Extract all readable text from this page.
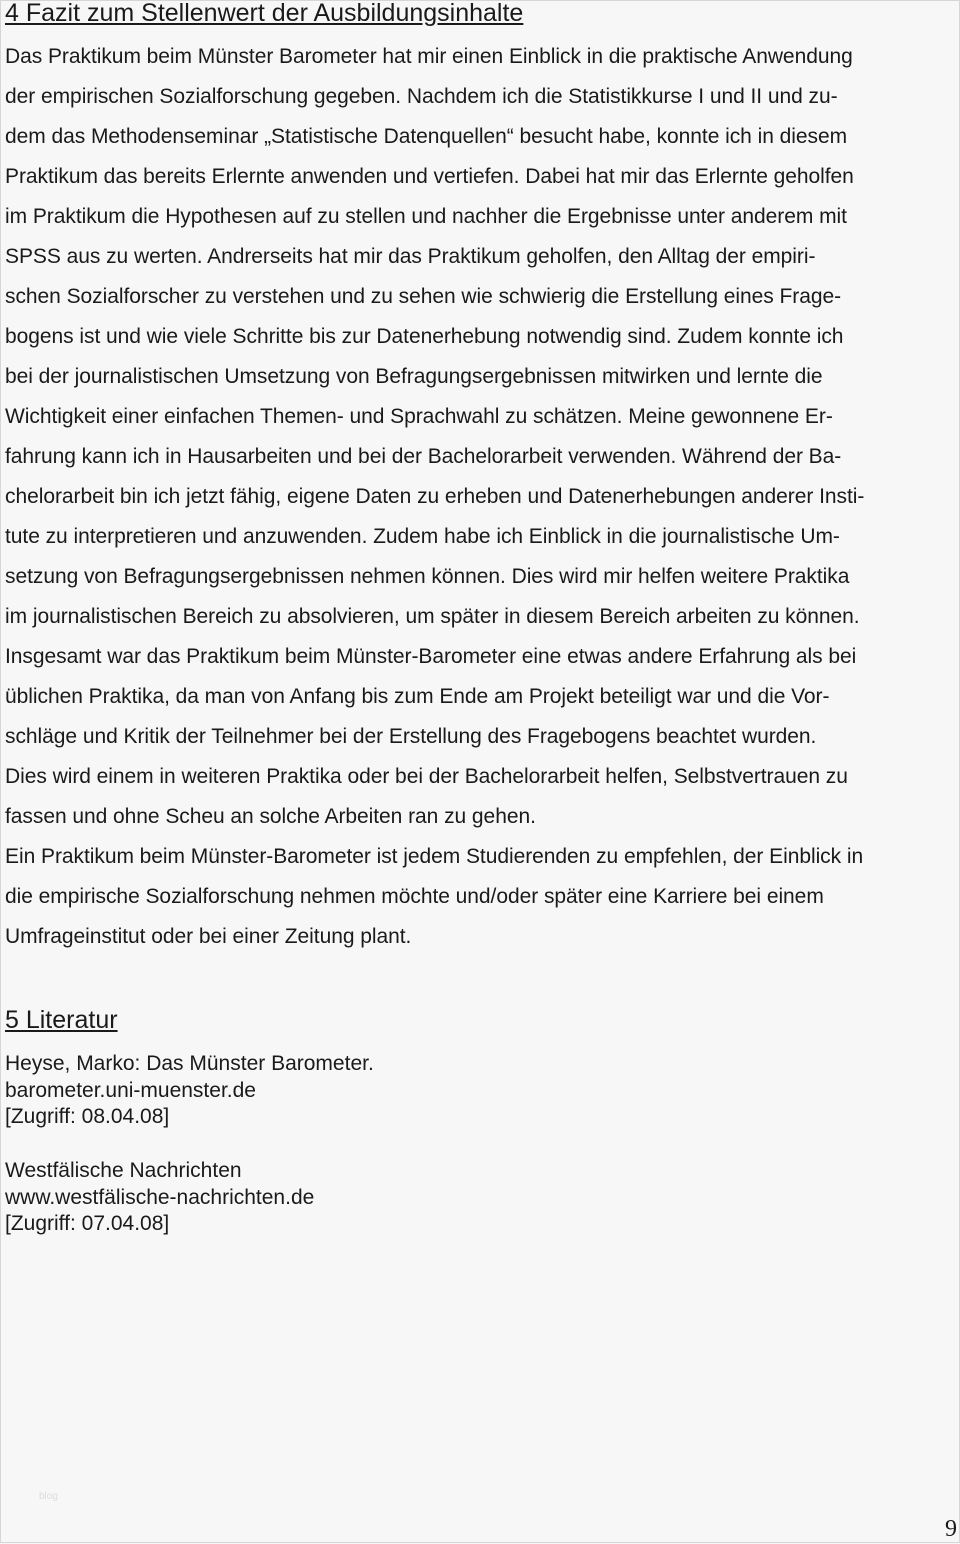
4 Fazit zum Stellenwert der Ausbildungsinhalte
Das Praktikum beim Münster Barometer hat mir einen Einblick in die praktische Anwendung
der empirischen Sozialforschung gegeben. Nachdem ich die Statistikkurse I und II und zu-
dem das Methodenseminar „Statistische Datenquellen“ besucht habe, konnte ich in diesem
Praktikum das bereits Erlernte anwenden und vertiefen. Dabei hat mir das Erlernte geholfen
im Praktikum die Hypothesen auf zu stellen und nachher die Ergebnisse unter anderem mit
SPSS aus zu werten. Andrerseits hat mir das Praktikum geholfen, den Alltag der empiri-
schen Sozialforscher zu verstehen und zu sehen wie schwierig die Erstellung eines Frage-
bogens ist und wie viele Schritte bis zur Datenerhebung notwendig sind. Zudem konnte ich
bei der journalistischen Umsetzung von Befragungsergebnissen mitwirken und lernte die
Wichtigkeit einer einfachen Themen- und Sprachwahl zu schätzen. Meine gewonnene Er-
fahrung kann ich in Hausarbeiten und bei der Bachelorarbeit verwenden. Während der Ba-
chelorarbeit bin ich jetzt fähig, eigene Daten zu erheben und Datenerhebungen anderer Insti-
tute zu interpretieren und anzuwenden. Zudem habe ich Einblick in die journalistische Um-
setzung von Befragungsergebnissen nehmen können. Dies wird mir helfen weitere Praktika
im journalistischen Bereich zu absolvieren, um später in diesem Bereich arbeiten zu können.
Insgesamt war das Praktikum beim Münster-Barometer eine etwas andere Erfahrung als bei
üblichen Praktika, da man von Anfang bis zum Ende am Projekt beteiligt war und die Vor-
schläge und Kritik der Teilnehmer bei der Erstellung des Fragebogens beachtet wurden.
Dies wird einem in weiteren Praktika oder bei der Bachelorarbeit helfen, Selbstvertrauen zu
fassen und ohne Scheu an solche Arbeiten ran zu gehen.
Ein Praktikum beim Münster-Barometer ist jedem Studierenden zu empfehlen, der Einblick in
die empirische Sozialforschung nehmen möchte und/oder später eine Karriere bei einem
Umfrageinstitut oder bei einer Zeitung plant.
5 Literatur
Heyse, Marko: Das Münster Barometer.
barometer.uni-muenster.de
[Zugriff: 08.04.08]
Westfälische Nachrichten
www.westfälische-nachrichten.de
[Zugriff: 07.04.08]
blog
9
